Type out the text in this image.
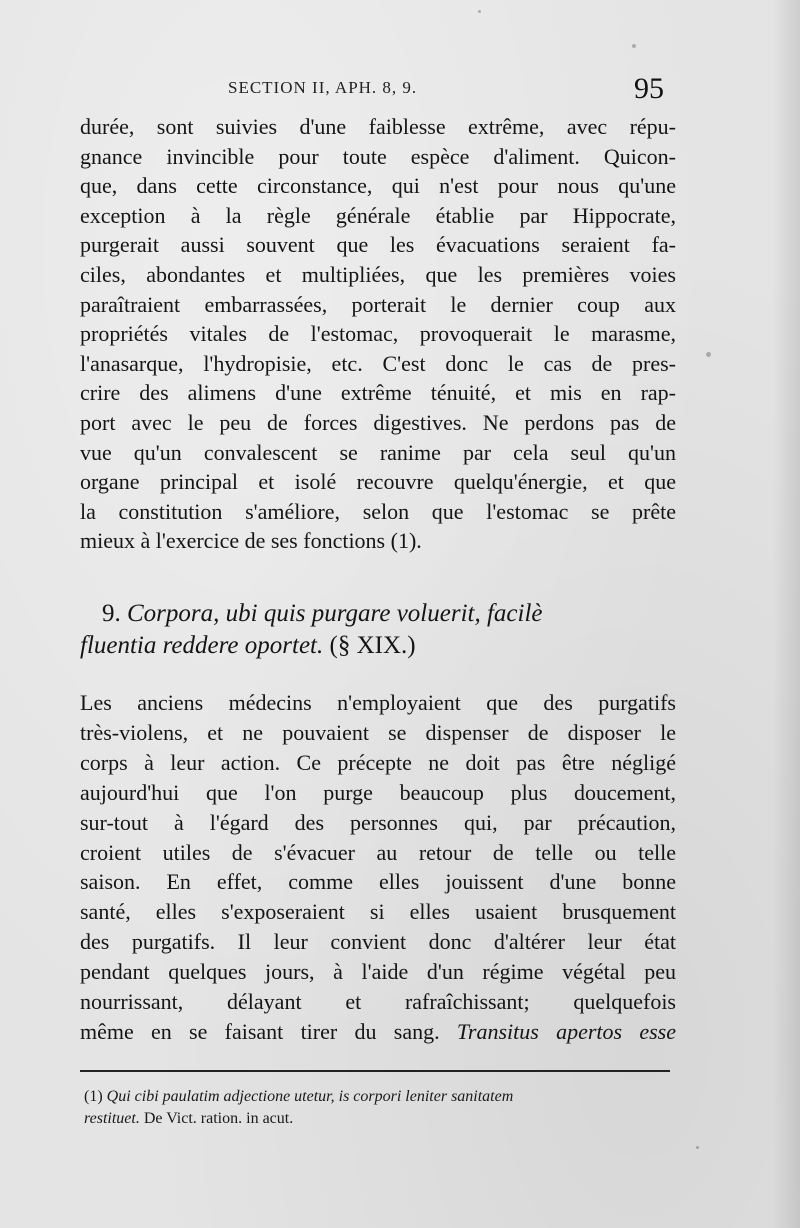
SECTION II, APH. 8, 9.	95
durée, sont suivies d'une faiblesse extrême, avec répu-
gnance invincible pour toute espèce d'aliment. Quicon-
que, dans cette circonstance, qui n'est pour nous qu'une
exception à la règle générale établie par Hippocrate,
purgerait aussi souvent que les évacuations seraient fa-
ciles, abondantes et multipliées, que les premières voies
paraîtraient embarrassées, porterait le dernier coup aux
propriétés vitales de l'estomac, provoquerait le marasme,
l'anasarque, l'hydropisie, etc. C'est donc le cas de pres-
crire des alimens d'une extrême ténuité, et mis en rap-
port avec le peu de forces digestives. Ne perdons pas de
vue qu'un convalescent se ranime par cela seul qu'un
organe principal et isolé recouvre quelqu'énergie, et que
la constitution s'améliore, selon que l'estomac se prête
mieux à l'exercice de ses fonctions (1).
9. Corpora, ubi quis purgare voluerit, facilè
fluentia reddere oportet. (§ XIX.)
Les anciens médecins n'employaient que des purgatifs
très-violens, et ne pouvaient se dispenser de disposer le
corps à leur action. Ce précepte ne doit pas être négligé
aujourd'hui que l'on purge beaucoup plus doucement,
sur-tout à l'égard des personnes qui, par précaution,
croient utiles de s'évacuer au retour de telle ou telle
saison. En effet, comme elles jouissent d'une bonne
santé, elles s'exposeraient si elles usaient brusquement
des purgatifs. Il leur convient donc d'altérer leur état
pendant quelques jours, à l'aide d'un régime végétal peu
nourrissant, délayant et rafraîchissant; quelquefois
même en se faisant tirer du sang. Transitus apertos esse
(1) Qui cibi paulatim adjectione utetur, is corpori leniter sanitatem
restituet. De Vict. ration. in acut.
